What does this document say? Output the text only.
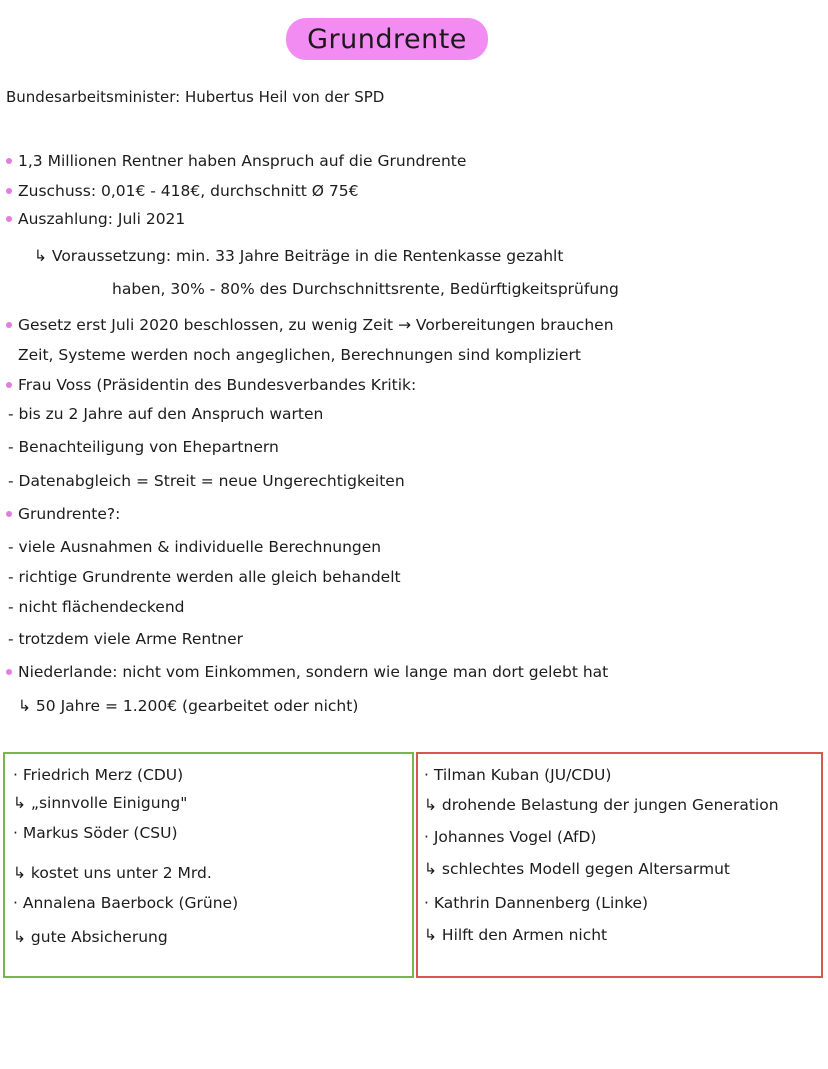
Grundrente
Bundesarbeitsminister: Hubertus Heil von der SPD
1,3 Millionen Rentner haben Anspruch auf die Grundrente
Zuschuss: 0,01€ - 418€, durchschnitt Ø 75€
Auszahlung: Juli 2021
↳ Voraussetzung: min. 33 Jahre Beiträge in die Rentenkasse gezahlt
haben, 30% - 80% des Durchschnittsrente, Bedürftigkeitsprüfung
Gesetz erst Juli 2020 beschlossen, zu wenig Zeit → Vorbereitungen brauchen
Zeit, Systeme werden noch angeglichen, Berechnungen sind kompliziert
Frau Voss (Präsidentin des Bundesverbandes Kritik:
- bis zu 2 Jahre auf den Anspruch warten
- Benachteiligung von Ehepartnern
- Datenabgleich = Streit = neue Ungerechtigkeiten
Grundrente?:
- viele Ausnahmen & individuelle Berechnungen
- richtige Grundrente werden alle gleich behandelt
- nicht flächendeckend
- trotzdem viele Arme Rentner
Niederlande: nicht vom Einkommen, sondern wie lange man dort gelebt hat
↳ 50 Jahre = 1.200€ (gearbeitet oder nicht)
· Friedrich Merz (CDU)
↳ „sinnvolle Einigung"
· Markus Söder (CSU)
↳ kostet uns unter 2 Mrd.
· Annalena Baerbock (Grüne)
↳ gute Absicherung
· Tilman Kuban (JU/CDU)
↳ drohende Belastung der jungen Generation
· Johannes Vogel (AfD)
↳ schlechtes Modell gegen Altersarmut
· Kathrin Dannenberg (Linke)
↳ Hilft den Armen nicht
